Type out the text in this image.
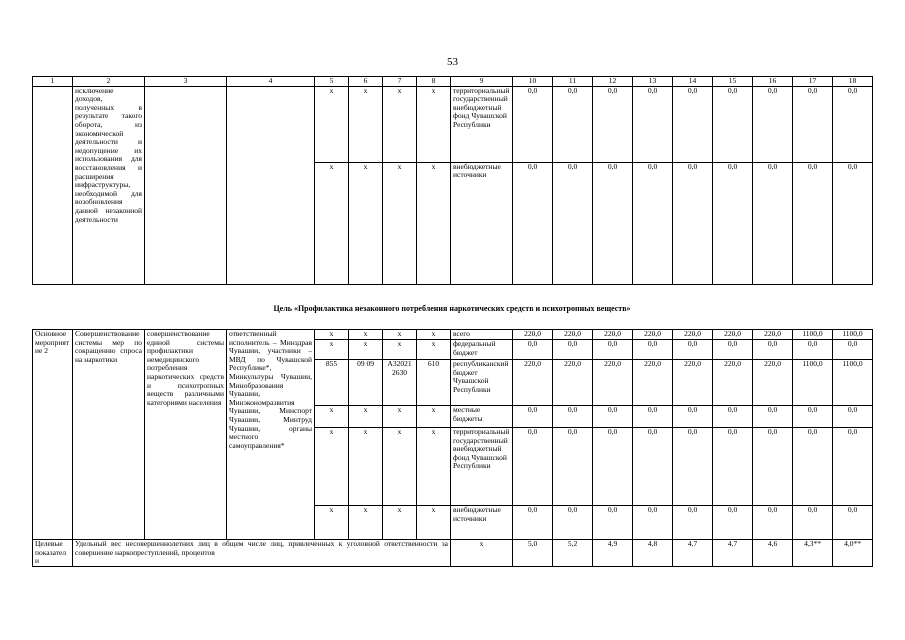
53
1	2	3	4	5	6	7	8	9	10	11	12	13	14	15	16	17	18
	исключение доходов, полученных в результате такого оборота, из экономической деятельности и недопущение их использования для восстановления и расширения инфраструктуры, необходимой для возобновления данной незаконной деятельности			x	x	x	x	территориальный государственный внебюджетный фонд Чувашской Республики	0,0	0,0	0,0	0,0	0,0	0,0	0,0	0,0	0,0
				x	x	x	x	внебюджетные источники	0,0	0,0	0,0	0,0	0,0	0,0	0,0	0,0	0,0
Цель «Профилактика незаконного потребления наркотических средств и психотропных веществ»
Основное мероприятие 2	Совершенствование системы мер по сокращению спроса на наркотики	совершенствование единой системы профилактики немедицинского потребления наркотических средств и психотропных веществ различными категориями населения	ответственный исполнитель – Минздрав Чувашии, участники – МВД по Чувашской Республике*, Минкультуры Чувашии, Минобразования Чувашии, Минэкономразвития Чувашии, Минспорт Чувашии, Минтруд Чувашии, органы местного самоуправления*	x	x	x	x	всего	220,0	220,0	220,0	220,0	220,0	220,0	220,0	1100,0	1100,0
				x	x	x	x	федеральный бюджет	0,0	0,0	0,0	0,0	0,0	0,0	0,0	0,0	0,0
				855	09 09	А32021 2630	610	республиканский бюджет Чувашской Республики	220,0	220,0	220,0	220,0	220,0	220,0	220,0	1100,0	1100,0
				x	x	x	x	местные бюджеты	0,0	0,0	0,0	0,0	0,0	0,0	0,0	0,0	0,0
				x	x	x	x	территориальный государственный внебюджетный фонд Чувашской Республики	0,0	0,0	0,0	0,0	0,0	0,0	0,0	0,0	0,0
				x	x	x	x	внебюджетные источники	0,0	0,0	0,0	0,0	0,0	0,0	0,0	0,0	0,0
Целевые показатели	Удельный вес несовершеннолетних лиц в общем числе лиц, привлеченных к уголовной ответственности за совершение наркопреступлений, процентов							х	5,0	5,2	4,9	4,8	4,7	4,7	4,6	4,3**	4,0**
